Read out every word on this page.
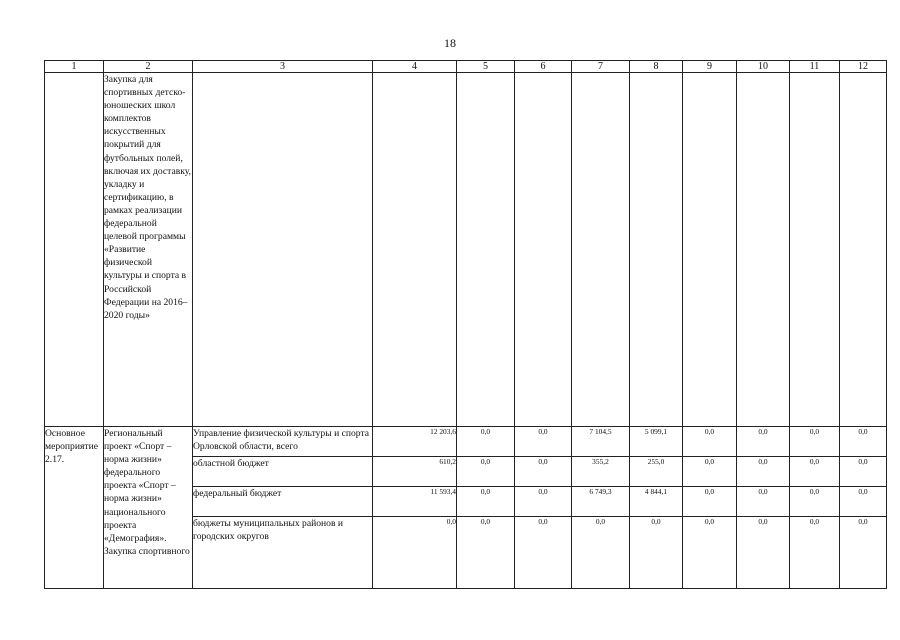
18
1	2	3	4	5	6	7	8	9	10	11	12
	Закупка для спортивных детско-юношеских школ комплектов искусственных покрытий для футбольных полей, включая их доставку, укладку и сертификацию, в рамках реализации федеральной целевой программы «Развитие физической культуры и спорта в Российской Федерации на 2016–2020 годы»										
Основное мероприятие 2.17.	Региональный проект «Спорт – норма жизни» федерального проекта «Спорт – норма жизни» национального проекта «Демография». Закупка спортивного	Управление физической культуры и спорта Орловской области, всего	12 203,6	0,0	0,0	7 104,5	5 099,1	0,0	0,0	0,0	0,0
		областной бюджет	610,2	0,0	0,0	355,2	255,0	0,0	0,0	0,0	0,0
		федеральный бюджет	11 593,4	0,0	0,0	6 749,3	4 844,1	0,0	0,0	0,0	0,0
		бюджеты муниципальных районов и городских округов	0,0	0,0	0,0	0,0	0,0	0,0	0,0	0,0	0,0
